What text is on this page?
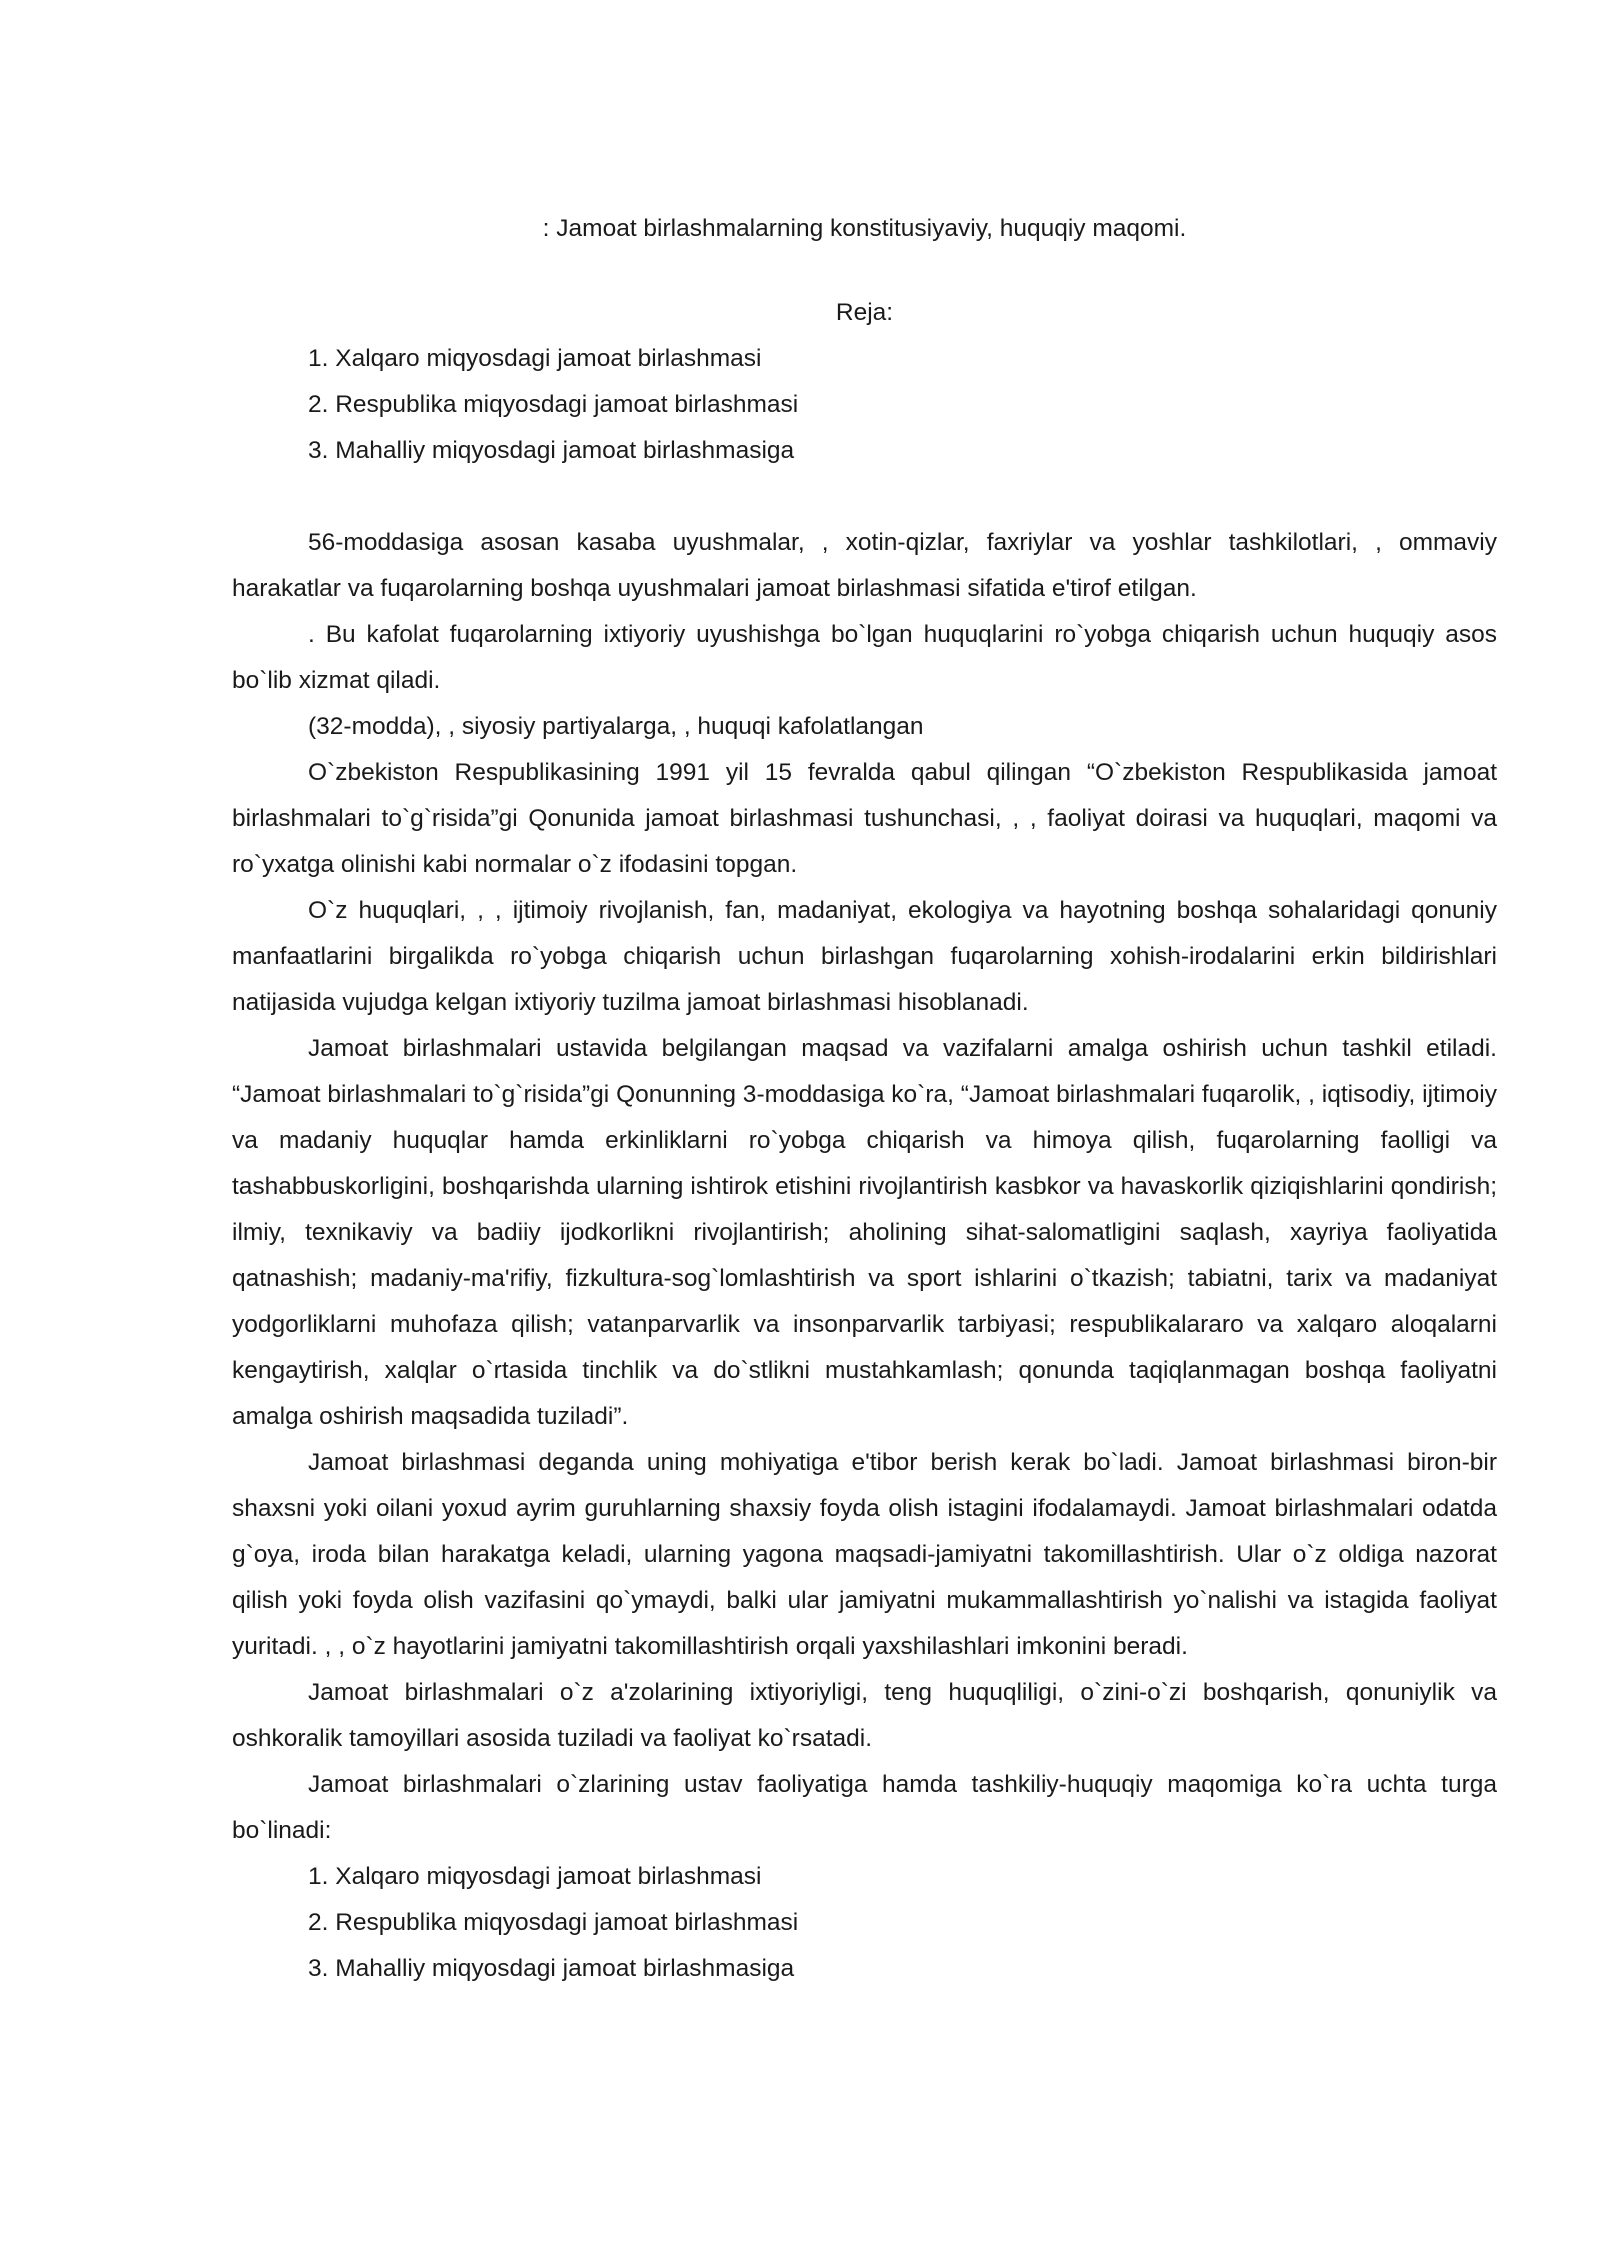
: Jamoat birlashmalarning konstitusiyaviy, huquqiy maqomi.
Reja:
1. Xalqaro miqyosdagi jamoat birlashmasi
2. Respublika miqyosdagi jamoat birlashmasi
3. Mahalliy miqyosdagi jamoat birlashmasiga

56-moddasiga asosan kasaba uyushmalar, , xotin-qizlar, faxriylar va yoshlar tashkilotlari, , ommaviy harakatlar va fuqarolarning boshqa uyushmalari jamoat birlashmasi sifatida e'tirof etilgan.

. Bu kafolat fuqarolarning ixtiyoriy uyushishga bo`lgan huquqlarini ro`yobga chiqarish uchun huquqiy asos bo`lib xizmat qiladi.

(32-modda), , siyosiy partiyalarga, , huquqi kafolatlangan

O`zbekiston Respublikasining 1991 yil 15 fevralda qabul qilingan “O`zbekiston Respublikasida jamoat birlashmalari to`g`risida”gi Qonunida jamoat birlashmasi tushunchasi, , , faoliyat doirasi va huquqlari, maqomi va ro`yxatga olinishi kabi normalar o`z ifodasini topgan.

O`z huquqlari, , , ijtimoiy rivojlanish, fan, madaniyat, ekologiya va hayotning boshqa sohalaridagi qonuniy manfaatlarini birgalikda ro`yobga chiqarish uchun birlashgan fuqarolarning xohish-irodalarini erkin bildirishlari natijasida vujudga kelgan ixtiyoriy tuzilma jamoat birlashmasi hisoblanadi.

Jamoat birlashmalari ustavida belgilangan maqsad va vazifalarni amalga oshirish uchun tashkil etiladi. “Jamoat birlashmalari to`g`risida”gi Qonunning 3-moddasiga ko`ra, “Jamoat birlashmalari fuqarolik, , iqtisodiy, ijtimoiy va madaniy huquqlar hamda erkinliklarni ro`yobga chiqarish va himoya qilish, fuqarolarning faolligi va tashabbuskorligini, boshqarishda ularning ishtirok etishini rivojlantirish kasbkor va havaskorlik qiziqishlarini qondirish; ilmiy, texnikaviy va badiiy ijodkorlikni rivojlantirish; aholining sihat-salomatligini saqlash, xayriya faoliyatida qatnashish; madaniy-ma'rifiy, fizkultura-sog`lomlashtirish va sport ishlarini o`tkazish; tabiatni, tarix va madaniyat yodgorliklarni muhofaza qilish; vatanparvarlik va insonparvarlik tarbiyasi; respublikalararo va xalqaro aloqalarni kengaytirish, xalqlar o`rtasida tinchlik va do`stlikni mustahkamlash; qonunda taqiqlanmagan boshqa faoliyatni amalga oshirish maqsadida tuziladi”.

Jamoat birlashmasi deganda uning mohiyatiga e'tibor berish kerak bo`ladi. Jamoat birlashmasi biron-bir shaxsni yoki oilani yoxud ayrim guruhlarning shaxsiy foyda olish istagini ifodalamaydi. Jamoat birlashmalari odatda g`oya, iroda bilan harakatga keladi, ularning yagona maqsadi-jamiyatni takomillashtirish. Ular o`z oldiga nazorat qilish yoki foyda olish vazifasini qo`ymaydi, balki ular jamiyatni mukammallashtirish yo`nalishi va istagida faoliyat yuritadi. , , o`z hayotlarini jamiyatni takomillashtirish orqali yaxshilashlari imkonini beradi.

Jamoat birlashmalari o`z a'zolarining ixtiyoriyligi, teng huquqliligi, o`zini-o`zi boshqarish, qonuniylik va oshkoralik tamoyillari asosida tuziladi va faoliyat ko`rsatadi.

Jamoat birlashmalari o`zlarining ustav faoliyatiga hamda tashkiliy-huquqiy maqomiga ko`ra uchta turga bo`linadi:

1. Xalqaro miqyosdagi jamoat birlashmasi
2. Respublika miqyosdagi jamoat birlashmasi
3. Mahalliy miqyosdagi jamoat birlashmasiga
